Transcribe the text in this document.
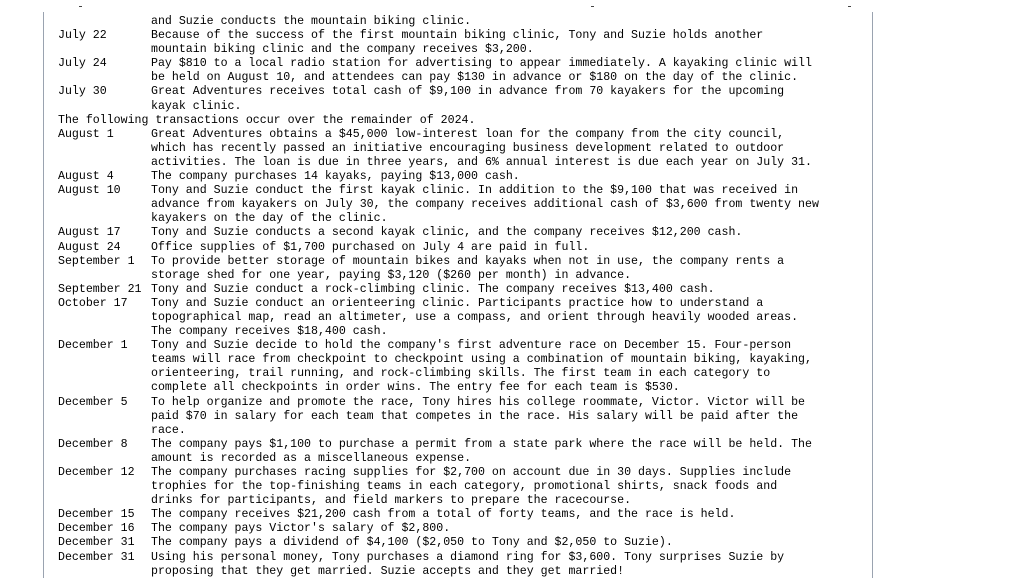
and Suzie conducts the mountain biking clinic.
July 22	Because of the success of the first mountain biking clinic, Tony and Suzie holds another
mountain biking clinic and the company receives $3,200.
July 24	Pay $810 to a local radio station for advertising to appear immediately. A kayaking clinic will
be held on August 10, and attendees can pay $130 in advance or $180 on the day of the clinic.
July 30	Great Adventures receives total cash of $9,100 in advance from 70 kayakers for the upcoming
kayak clinic.
The following transactions occur over the remainder of 2024.
August 1	Great Adventures obtains a $45,000 low-interest loan for the company from the city council,
which has recently passed an initiative encouraging business development related to outdoor
activities. The loan is due in three years, and 6% annual interest is due each year on July 31.
August 4	The company purchases 14 kayaks, paying $13,000 cash.
August 10	Tony and Suzie conduct the first kayak clinic. In addition to the $9,100 that was received in
advance from kayakers on July 30, the company receives additional cash of $3,600 from twenty new
kayakers on the day of the clinic.
August 17	Tony and Suzie conducts a second kayak clinic, and the company receives $12,200 cash.
August 24	Office supplies of $1,700 purchased on July 4 are paid in full.
September 1	To provide better storage of mountain bikes and kayaks when not in use, the company rents a
storage shed for one year, paying $3,120 ($260 per month) in advance.
September 21 Tony and Suzie conduct a rock-climbing clinic. The company receives $13,400 cash.
October 17	Tony and Suzie conduct an orienteering clinic. Participants practice how to understand a
topographical map, read an altimeter, use a compass, and orient through heavily wooded areas.
The company receives $18,400 cash.
December 1	Tony and Suzie decide to hold the company's first adventure race on December 15. Four-person
teams will race from checkpoint to checkpoint using a combination of mountain biking, kayaking,
orienteering, trail running, and rock-climbing skills. The first team in each category to
complete all checkpoints in order wins. The entry fee for each team is $530.
December 5	To help organize and promote the race, Tony hires his college roommate, Victor. Victor will be
paid $70 in salary for each team that competes in the race. His salary will be paid after the
race.
December 8	The company pays $1,100 to purchase a permit from a state park where the race will be held. The
amount is recorded as a miscellaneous expense.
December 12	The company purchases racing supplies for $2,700 on account due in 30 days. Supplies include
trophies for the top-finishing teams in each category, promotional shirts, snack foods and
drinks for participants, and field markers to prepare the racecourse.
December 15	The company receives $21,200 cash from a total of forty teams, and the race is held.
December 16	The company pays Victor's salary of $2,800.
December 31	The company pays a dividend of $4,100 ($2,050 to Tony and $2,050 to Suzie).
December 31	Using his personal money, Tony purchases a diamond ring for $3,600. Tony surprises Suzie by
proposing that they get married. Suzie accepts and they get married!
